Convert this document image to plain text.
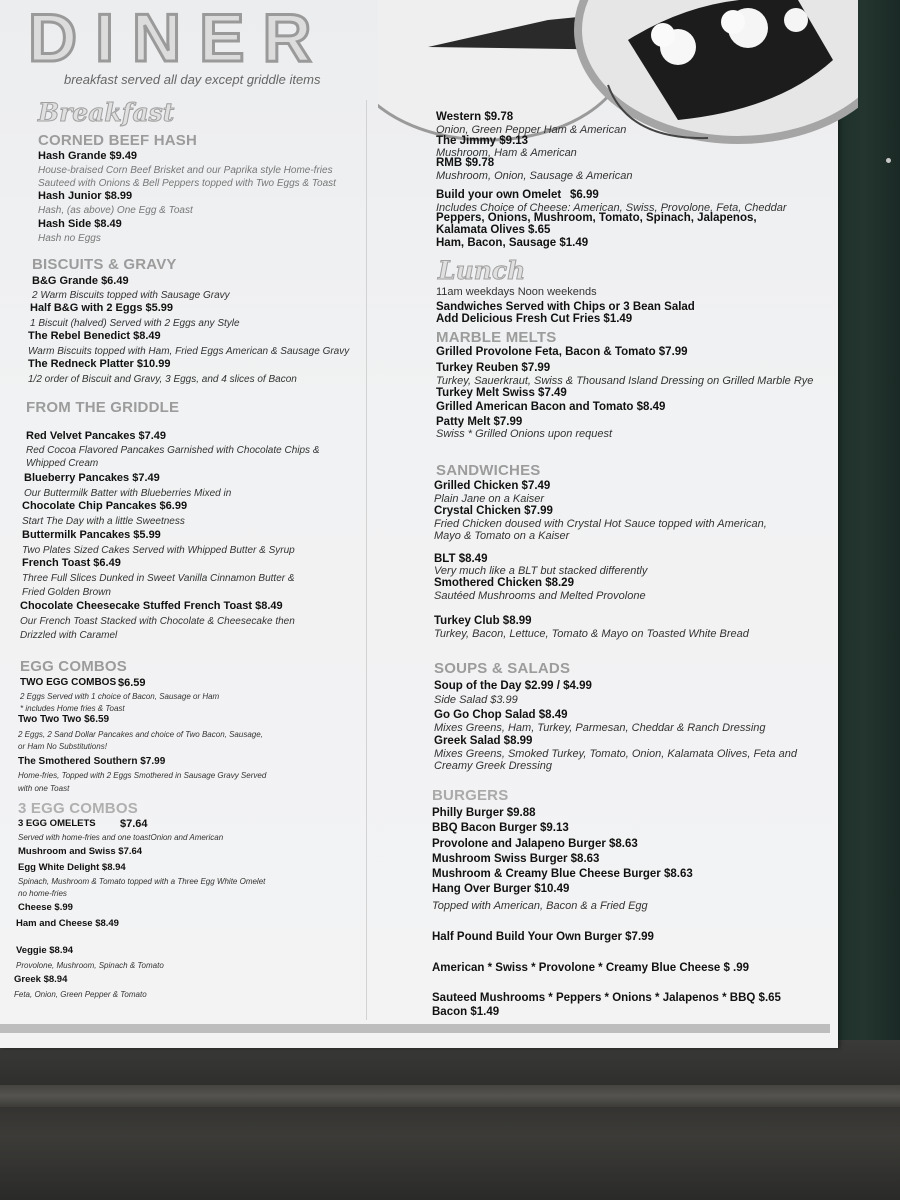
DINER
breakfast served all day except griddle items
Breakfast
CORNED BEEF HASH
Hash Grande $9.49
House-braised Corn Beef Brisket and our Paprika style Home-fries
Sauteed with Onions & Bell Peppers topped with Two Eggs & Toast
Hash Junior $8.99
Hash, (as above) One Egg & Toast
Hash Side $8.49
Hash no Eggs
BISCUITS & GRAVY
B&G Grande $6.49
2 Warm Biscuits topped with Sausage Gravy
Half B&G with 2 Eggs $5.99
1 Biscuit (halved) Served with 2 Eggs any Style
The Rebel Benedict $8.49
Warm Biscuits topped with Ham, Fried Eggs American & Sausage Gravy
The Redneck Platter $10.99
1/2 order of Biscuit and Gravy, 3 Eggs, and 4 slices of Bacon
FROM THE GRIDDLE
Red Velvet Pancakes $7.49
Red Cocoa Flavored Pancakes Garnished with Chocolate Chips &
Whipped Cream
Blueberry Pancakes $7.49
Our Buttermilk Batter with Blueberries Mixed in
Chocolate Chip Pancakes $6.99
Start The Day with a little Sweetness
Buttermilk Pancakes $5.99
Two Plates Sized Cakes Served with Whipped Butter & Syrup
French Toast $6.49
Three Full Slices Dunked in Sweet Vanilla Cinnamon Butter &
Fried Golden Brown
Chocolate Cheesecake Stuffed French Toast $8.49
Our French Toast Stacked with Chocolate & Cheesecake then
Drizzled with Caramel
EGG COMBOS
TWO EGG COMBOS $6.59
2 Eggs Served with 1 choice of Bacon, Sausage or Ham
* includes Home fries & Toast
Two Two Two $6.59
2 Eggs, 2 Sand Dollar Pancakes and choice of Two Bacon, Sausage,
or Ham No Substitutions!
The Smothered Southern $7.99
Home-fries, Topped with 2 Eggs Smothered in Sausage Gravy Served
with one Toast
3 EGG COMBOS
3 EGG OMELETS $7.64
Served with home-fries and one toastOnion and American
Mushroom and Swiss $7.64
Egg White Delight $8.94
Spinach, Mushroom & Tomato topped with a Three Egg White Omelet
no home-fries
Cheese $.99
Ham and Cheese $8.49
Veggie $8.94
Provolone, Mushroom, Spinach & Tomato
Greek $8.94
Feta, Onion, Green Pepper & Tomato
Western $9.78
Onion, Green Pepper Ham & American
The Jimmy $9.13
Mushroom, Ham & American
RMB $9.78
Mushroom, Onion, Sausage & American
Build your own Omelet $6.99
Includes Choice of Cheese: American, Swiss, Provolone, Feta, Cheddar
Peppers, Onions, Mushroom, Tomato, Spinach, Jalapenos,
Kalamata Olives $.65
Ham, Bacon, Sausage $1.49
Lunch
11am weekdays Noon weekends
Sandwiches Served with Chips or 3 Bean Salad
Add Delicious Fresh Cut Fries $1.49
MARBLE MELTS
Grilled Provolone Feta, Bacon & Tomato $7.99
Turkey Reuben $7.99
Turkey, Sauerkraut, Swiss & Thousand Island Dressing on Grilled Marble Rye
Turkey Melt Swiss $7.49
Grilled American Bacon and Tomato $8.49
Patty Melt $7.99
Swiss * Grilled Onions upon request
SANDWICHES
Grilled Chicken $7.49
Plain Jane on a Kaiser
Crystal Chicken $7.99
Fried Chicken doused with Crystal Hot Sauce topped with American,
Mayo & Tomato on a Kaiser
BLT $8.49
Very much like a BLT but stacked differently
Smothered Chicken $8.29
Sautéed Mushrooms and Melted Provolone
Turkey Club $8.99
Turkey, Bacon, Lettuce, Tomato & Mayo on Toasted White Bread
SOUPS & SALADS
Soup of the Day $2.99 / $4.99
Side Salad $3.99
Go Go Chop Salad $8.49
Mixes Greens, Ham, Turkey, Parmesan, Cheddar & Ranch Dressing
Greek Salad $8.99
Mixes Greens, Smoked Turkey, Tomato, Onion, Kalamata Olives, Feta and
Creamy Greek Dressing
BURGERS
Philly Burger $9.88
BBQ Bacon Burger $9.13
Provolone and Jalapeno Burger $8.63
Mushroom Swiss Burger $8.63
Mushroom & Creamy Blue Cheese Burger $8.63
Hang Over Burger $10.49
Topped with American, Bacon & a Fried Egg
Half Pound Build Your Own Burger $7.99
American * Swiss * Provolone * Creamy Blue Cheese $ .99
Sauteed Mushrooms * Peppers * Onions * Jalapenos * BBQ $.65
Bacon $1.49
